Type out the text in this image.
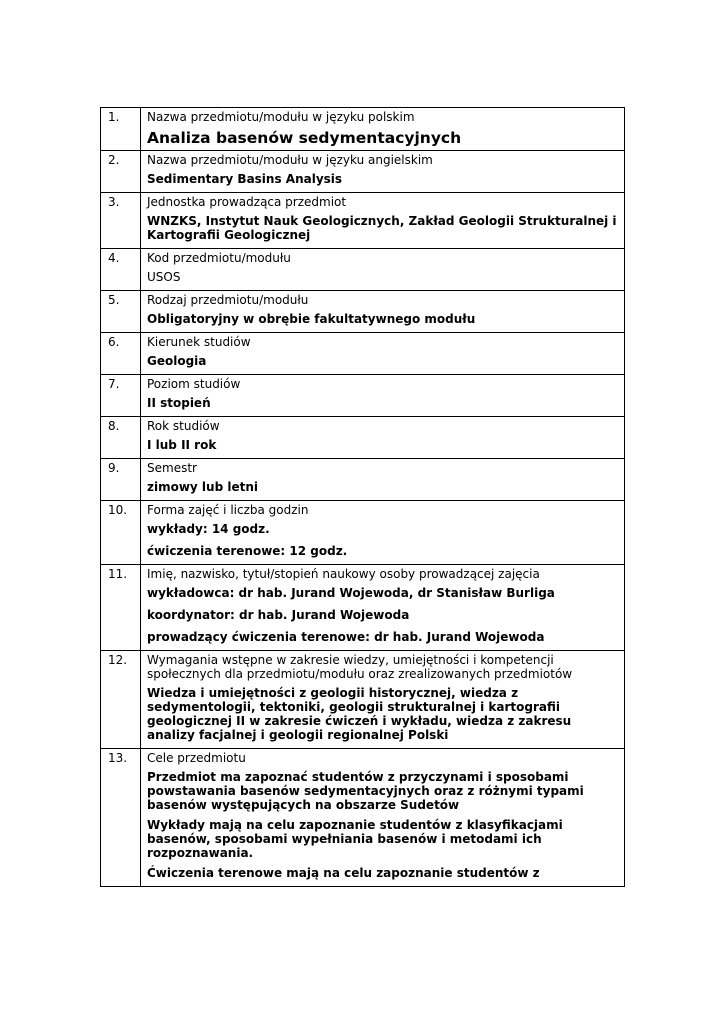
1.	Nazwa przedmiotu/modułu w języku polskim
Analiza basenów sedymentacyjnych

2.	Nazwa przedmiotu/modułu w języku angielskim
Sedimentary Basins Analysis

3.	Jednostka prowadząca przedmiot
WNZKS, Instytut Nauk Geologicznych, Zakład Geologii Strukturalnej i Kartografii Geologicznej

4.	Kod przedmiotu/modułu
USOS

5.	Rodzaj przedmiotu/modułu
Obligatoryjny w obrębie fakultatywnego modułu

6.	Kierunek studiów
Geologia

7.	Poziom studiów
II stopień

8.	Rok studiów
I lub II rok

9.	Semestr
zimowy lub letni

10.	Forma zajęć i liczba godzin
wykłady: 14 godz.
ćwiczenia terenowe: 12 godz.

11.	Imię, nazwisko, tytuł/stopień naukowy osoby prowadzącej zajęcia
wykładowca: dr hab. Jurand Wojewoda, dr Stanisław Burliga
koordynator: dr hab. Jurand Wojewoda
prowadzący ćwiczenia terenowe: dr hab. Jurand Wojewoda

12.	Wymagania wstępne w zakresie wiedzy, umiejętności i kompetencji społecznych dla przedmiotu/modułu oraz zrealizowanych przedmiotów
Wiedza i umiejętności z geologii historycznej, wiedza z sedymentologii, tektoniki, geologii strukturalnej i kartografii geologicznej II w zakresie ćwiczeń i wykładu, wiedza z zakresu analizy facjalnej i geologii regionalnej Polski

13.	Cele przedmiotu
Przedmiot ma zapoznać studentów z przyczynami i sposobami powstawania basenów sedymentacyjnych oraz z różnymi typami basenów występujących na obszarze Sudetów
Wykłady mają na celu zapoznanie studentów z klasyfikacjami basenów, sposobami wypełniania basenów i metodami ich rozpoznawania.
Ćwiczenia terenowe mają na celu zapoznanie studentów z
